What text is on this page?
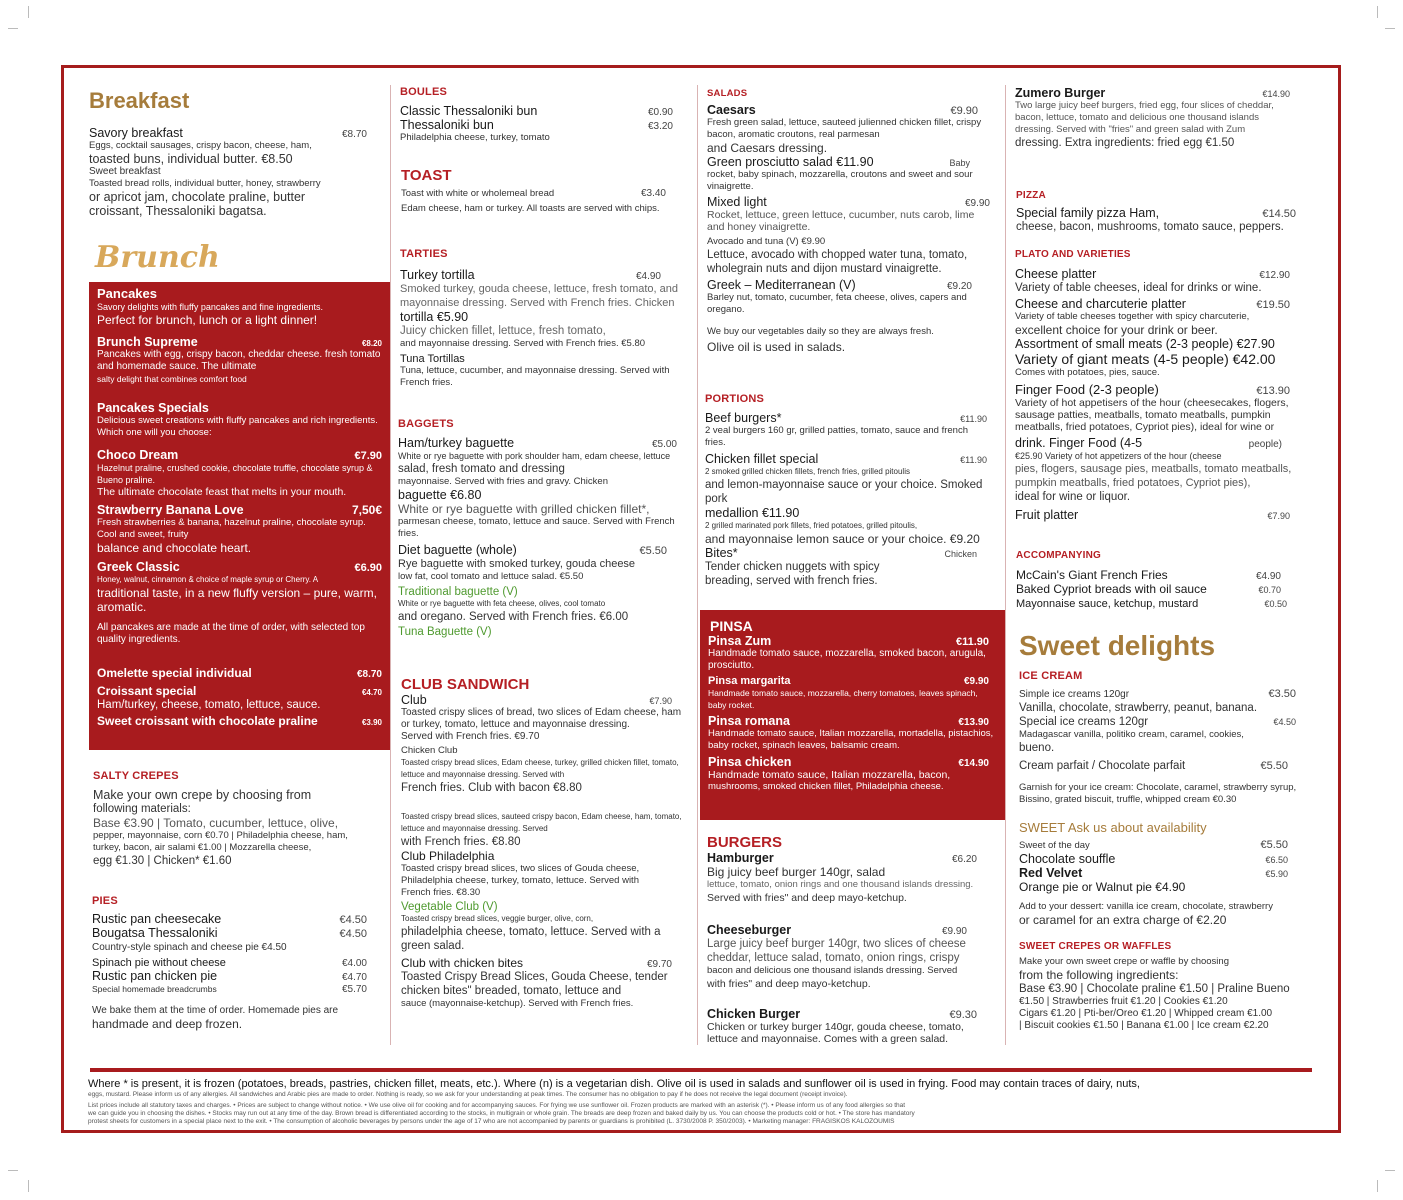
Breakfast
Savory breakfast	€8.70
Eggs, cocktail sausages, crispy bacon, cheese, ham,
toasted buns, individual butter. €8.50
Sweet breakfast
Toasted bread rolls, individual butter, honey, strawberry
or apricot jam, chocolate praline, butter croissant, Thessaloniki bagatsa.
Brunch
Pancakes
Savory delights with fluffy pancakes and fine ingredients.
Perfect for brunch, lunch or a light dinner!
Brunch Supreme	€8.20
Pancakes with egg, crispy bacon, cheddar cheese. fresh tomato and homemade sauce. The ultimate
salty delight that combines comfort food
Pancakes Specials
Delicious sweet creations with fluffy pancakes and rich ingredients. Which one will you choose:
Choco Dream	€7.90
Hazelnut praline, crushed cookie, chocolate truffle, chocolate syrup & Bueno praline.
The ultimate chocolate feast that melts in your mouth.
Strawberry Banana Love	7,50€
Fresh strawberries & banana, hazelnut praline, chocolate syrup. Cool and sweet, fruity
balance and chocolate heart.
Greek Classic	€6.90
Honey, walnut, cinnamon & choice of maple syrup or Cherry. A
traditional taste, in a new fluffy version – pure, warm, aromatic.
All pancakes are made at the time of order, with selected top quality ingredients.
Omelette special individual	€8.70
Croissant special	€4.70
Ham/turkey, cheese, tomato, lettuce, sauce.
Sweet croissant with chocolate praline	€3.90
SALTY CREPES
Make your own crepe by choosing from
following materials:
Base €3.90 | Tomato, cucumber, lettuce, olive,
pepper, mayonnaise, corn €0.70 | Philadelphia cheese, ham, turkey, bacon, air salami €1.00 | Mozzarella cheese,
egg €1.30 | Chicken* €1.60
PIES
Rustic pan cheesecake	€4.50
Bougatsa Thessaloniki	€4.50
Country-style spinach and cheese pie €4.50
Spinach pie without cheese	€4.00
Rustic pan chicken pie	€4.70
Special homemade breadcrumbs	€5.70
We bake them at the time of order. Homemade pies are
handmade and deep frozen.
BOULES
Classic Thessaloniki bun	€0.90
Thessaloniki bun	€3.20
Philadelphia cheese, turkey, tomato
TOAST
Toast with white or wholemeal bread	€3.40
Edam cheese, ham or turkey. All toasts are served with chips.
TARTIES
Turkey tortilla	€4.90
Smoked turkey, gouda cheese, lettuce, fresh tomato, and mayonnaise dressing. Served with French fries. Chicken
tortilla €5.90
Juicy chicken fillet, lettuce, fresh tomato,
and mayonnaise dressing. Served with French fries. €5.80
Tuna Tortillas
Tuna, lettuce, cucumber, and mayonnaise dressing. Served with French fries.
BAGGETS
Ham/turkey baguette	€5.00
White or rye baguette with pork shoulder ham, edam cheese, lettuce
salad, fresh tomato and dressing
mayonnaise. Served with fries and gravy. Chicken
baguette €6.80
White or rye baguette with grilled chicken fillet*,
parmesan cheese, tomato, lettuce and sauce. Served with French fries.
Diet baguette (whole)	€5.50
Rye baguette with smoked turkey, gouda cheese
low fat, cool tomato and lettuce salad. €5.50
Traditional baguette (V)
White or rye baguette with feta cheese, olives, cool tomato
and oregano. Served with French fries. €6.00
Tuna Baguette (V)
CLUB SANDWICH
Club	€7.90
Toasted crispy slices of bread, two slices of Edam cheese, ham or turkey, tomato, lettuce and mayonnaise dressing.
Served with French fries. €9.70
Chicken Club
Toasted crispy bread slices, Edam cheese, turkey, grilled chicken fillet, tomato, lettuce and mayonnaise dressing. Served with
French fries. Club with bacon €8.80
Toasted crispy bread slices, sauteed crispy bacon, Edam cheese, ham, tomato, lettuce and mayonnaise dressing. Served
with French fries. €8.80
Club Philadelphia
Toasted crispy bread slices, two slices of Gouda cheese, Philadelphia cheese, turkey, tomato, lettuce. Served with
French fries. €8.30
Vegetable Club (V)
Toasted crispy bread slices, veggie burger, olive, corn,
philadelphia cheese, tomato, lettuce. Served with a green salad.
Club with chicken bites	€9.70
Toasted Crispy Bread Slices, Gouda Cheese, tender chicken bites" breaded, tomato, lettuce and
sauce (mayonnaise-ketchup). Served with French fries.
SALADS
Caesars	€9.90
Fresh green salad, lettuce, sauteed julienned chicken fillet, crispy bacon, aromatic croutons, real parmesan
and Caesars dressing.
Green prosciutto salad €11.90	Baby
rocket, baby spinach, mozzarella, croutons and sweet and sour vinaigrette.
Mixed light	€9.90
Rocket, lettuce, green lettuce, cucumber, nuts carob, lime and honey vinaigrette.
Avocado and tuna (V) €9.90
Lettuce, avocado with chopped water tuna, tomato, wholegrain nuts and dijon mustard vinaigrette.
Greek – Mediterranean (V)	€9.20
Barley nut, tomato, cucumber, feta cheese, olives, capers and oregano.
We buy our vegetables daily so they are always fresh.
Olive oil is used in salads.
PORTIONS
Beef burgers*	€11.90
2 veal burgers 160 gr, grilled patties, tomato, sauce and french fries.
Chicken fillet special	€11.90
2 smoked grilled chicken fillets, french fries, grilled pitoulis
and lemon-mayonnaise sauce or your choice. Smoked pork
medallion €11.90
2 grilled marinated pork fillets, fried potatoes, grilled pitoulis,
and mayonnaise lemon sauce or your choice. €9.20
Bites*	Chicken
Tender chicken nuggets with spicy breading, served with french fries.
PINSA
Pinsa Zum	€11.90
Handmade tomato sauce, mozzarella, smoked bacon, arugula, prosciutto.
Pinsa margarita	€9.90
Handmade tomato sauce, mozzarella, cherry tomatoes, leaves spinach, baby rocket.
Pinsa romana	€13.90
Handmade tomato sauce, Italian mozzarella, mortadella, pistachios, baby rocket, spinach leaves, balsamic cream.
Pinsa chicken	€14.90
Handmade tomato sauce, Italian mozzarella, bacon,
mushrooms, smoked chicken fillet, Philadelphia cheese.
BURGERS
Hamburger	€6.20
Big juicy beef burger 140gr, salad
lettuce, tomato, onion rings and one thousand islands dressing.
Served with fries" and deep mayo-ketchup.
Cheeseburger	€9.90
Large juicy beef burger 140gr, two slices of cheese cheddar, lettuce salad, tomato, onion rings, crispy
bacon and delicious one thousand islands dressing. Served
with fries" and deep mayo-ketchup.
Chicken Burger	€9.30
Chicken or turkey burger 140gr, gouda cheese, tomato, lettuce and mayonnaise. Comes with a green salad.
Zumero Burger	€14.90
Two large juicy beef burgers, fried egg, four slices of cheddar, bacon, lettuce, tomato and delicious one thousand islands dressing. Served with "fries" and green salad with Zum
dressing. Extra ingredients: fried egg €1.50
PIZZA
Special family pizza Ham,	€14.50
cheese, bacon, mushrooms, tomato sauce, peppers.
PLATO AND VARIETIES
Cheese platter	€12.90
Variety of table cheeses, ideal for drinks or wine.
Cheese and charcuterie platter	€19.50
Variety of table cheeses together with spicy charcuterie,
excellent choice for your drink or beer.
Assortment of small meats (2-3 people) €27.90
Variety of giant meats (4-5 people) €42.00
Comes with potatoes, pies, sauce.
Finger Food (2-3 people)	€13.90
Variety of hot appetisers of the hour (cheesecakes, flogers, sausage patties, meatballs, tomato meatballs, pumpkin meatballs, fried potatoes, Cypriot pies), ideal for wine or
drink. Finger Food (4-5	people)
€25.90 Variety of hot appetizers of the hour (cheese
pies, flogers, sausage pies, meatballs, tomato meatballs, pumpkin meatballs, fried potatoes, Cypriot pies),
ideal for wine or liquor.
Fruit platter	€7.90
ACCOMPANYING
McCain's Giant French Fries	€4.90
Baked Cypriot breads with oil sauce	€0.70
Mayonnaise sauce, ketchup, mustard	€0.50
Sweet delights
ICE CREAM
Simple ice creams 120gr	€3.50
Vanilla, chocolate, strawberry, peanut, banana.
Special ice creams 120gr	€4.50
Madagascar vanilla, politiko cream, caramel, cookies,
bueno.
Cream parfait / Chocolate parfait	€5.50
Garnish for your ice cream: Chocolate, caramel, strawberry syrup, Bissino, grated biscuit, truffle, whipped cream €0.30
SWEET Ask us about availability
Sweet of the day	€5.50
Chocolate souffle	€6.50
Red Velvet	€5.90
Orange pie or Walnut pie €4.90
Add to your dessert: vanilla ice cream, chocolate, strawberry
or caramel for an extra charge of €2.20
SWEET CREPES OR WAFFLES
Make your own sweet crepe or waffle by choosing
from the following ingredients:
Base €3.90 | Chocolate praline €1.50 | Praline Bueno
€1.50 | Strawberries fruit €1.20 | Cookies €1.20
Cigars €1.20 | Pti-ber/Oreo €1.20 | Whipped cream €1.00
| Biscuit cookies €1.50 | Banana €1.00 | Ice cream €2.20
Where * is present, it is frozen (potatoes, breads, pastries, chicken fillet, meats, etc.). Where (n) is a vegetarian dish. Olive oil is used in salads and sunflower oil is used in frying. Food may contain traces of dairy, nuts,
eggs, mustard. Please inform us of any allergies. All sandwiches and Arabic pies are made to order. Nothing is ready, so we ask for your understanding at peak times. The consumer has no obligation to pay if he does not receive the legal document (receipt invoice).
List prices include all statutory taxes and charges. • Prices are subject to change without notice. • We use olive oil for cooking and for accompanying sauces. For frying we use sunflower oil. Frozen products are marked with an asterisk (*). • Please inform us of any food allergies so that
we can guide you in choosing the dishes. • Stocks may run out at any time of the day. Brown bread is differentiated according to the stocks, in multigrain or whole grain. The breads are deep frozen and baked daily by us. You can choose the products cold or hot. • The store has mandatory
protest sheets for customers in a special place next to the exit. • The consumption of alcoholic beverages by persons under the age of 17 who are not accompanied by parents or guardians is prohibited (L. 3730/2008 P. 350/2003). • Marketing manager: FRAGISKOS KALOZOUMIS
